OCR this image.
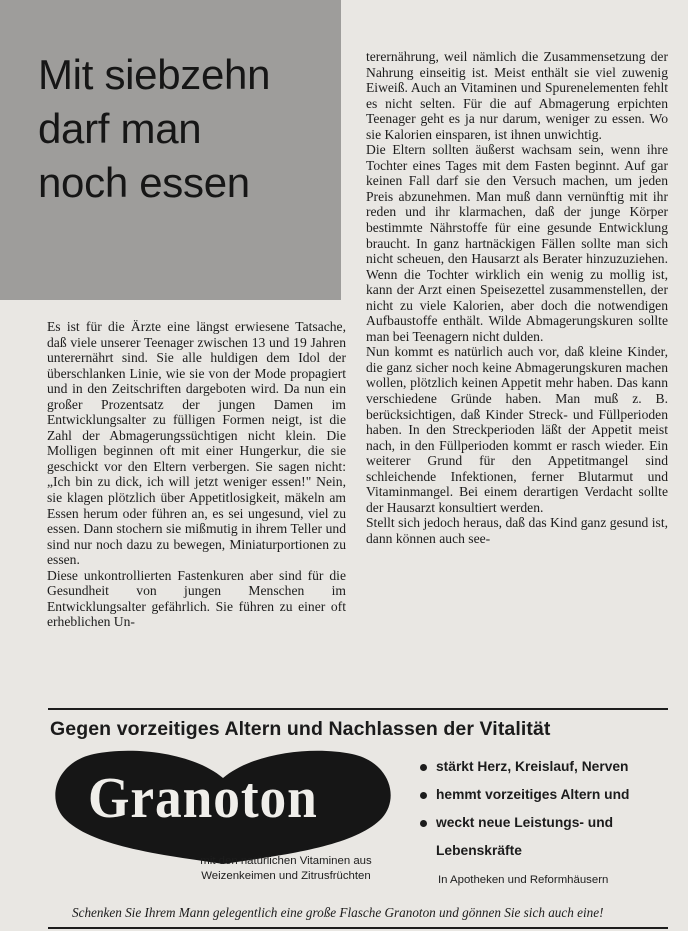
Mit siebzehn
darf man
noch essen

Es ist für die Ärzte eine längst erwiesene Tatsache, daß viele unserer Teenager zwischen 13 und 19 Jahren unterernährt sind. Sie alle huldigen dem Idol der überschlanken Linie, wie sie von der Mode propagiert und in den Zeitschriften dargeboten wird. Da nun ein großer Prozentsatz der jungen Damen im Entwicklungsalter zu fülligen Formen neigt, ist die Zahl der Abmagerungssüchtigen nicht klein. Die Molligen beginnen oft mit einer Hungerkur, die sie geschickt vor den Eltern verbergen. Sie sagen nicht: „Ich bin zu dick, ich will jetzt weniger essen!" Nein, sie klagen plötzlich über Appetitlosigkeit, mäkeln am Essen herum oder führen an, es sei ungesund, viel zu essen. Dann stochern sie mißmutig in ihrem Teller und sind nur noch dazu zu bewegen, Miniaturportionen zu essen.

Diese unkontrollierten Fastenkuren aber sind für die Gesundheit von jungen Menschen im Entwicklungsalter gefährlich. Sie führen zu einer oft erheblichen Un-

terernährung, weil nämlich die Zusammensetzung der Nahrung einseitig ist. Meist enthält sie viel zuwenig Eiweiß. Auch an Vitaminen und Spurenelementen fehlt es nicht selten. Für die auf Abmagerung erpichten Teenager geht es ja nur darum, weniger zu essen. Wo sie Kalorien einsparen, ist ihnen unwichtig.

Die Eltern sollten äußerst wachsam sein, wenn ihre Tochter eines Tages mit dem Fasten beginnt. Auf gar keinen Fall darf sie den Versuch machen, um jeden Preis abzunehmen. Man muß dann vernünftig mit ihr reden und ihr klarmachen, daß der junge Körper bestimmte Nährstoffe für eine gesunde Entwicklung braucht. In ganz hartnäckigen Fällen sollte man sich nicht scheuen, den Hausarzt als Berater hinzuzuziehen. Wenn die Tochter wirklich ein wenig zu mollig ist, kann der Arzt einen Speisezettel zusammenstellen, der nicht zu viele Kalorien, aber doch die notwendigen Aufbaustoffe enthält. Wilde Abmagerungskuren sollte man bei Teenagern nicht dulden.

Nun kommt es natürlich auch vor, daß kleine Kinder, die ganz sicher noch keine Abmagerungskuren machen wollen, plötzlich keinen Appetit mehr haben. Das kann verschiedene Gründe haben. Man muß z. B. berücksichtigen, daß Kinder Streck- und Füllperioden haben. In den Streckperioden läßt der Appetit meist nach, in den Füllperioden kommt er rasch wieder. Ein weiterer Grund für den Appetitmangel sind schleichende Infektionen, ferner Blutarmut und Vitaminmangel. Bei einem derartigen Verdacht sollte der Hausarzt konsultiert werden.

Stellt sich jedoch heraus, daß das Kind ganz gesund ist, dann können auch see-

Gegen vorzeitiges Altern und Nachlassen der Vitalität
Granoton
mit den natürlichen Vitaminen aus
Weizenkeimen und Zitrusfrüchten
stärkt Herz, Kreislauf, Nerven
hemmt vorzeitiges Altern und
weckt neue Leistungs- und
Lebenskräfte
In Apotheken und Reformhäusern
Schenken Sie Ihrem Mann gelegentlich eine große Flasche Granoton und gönnen Sie sich auch eine!
